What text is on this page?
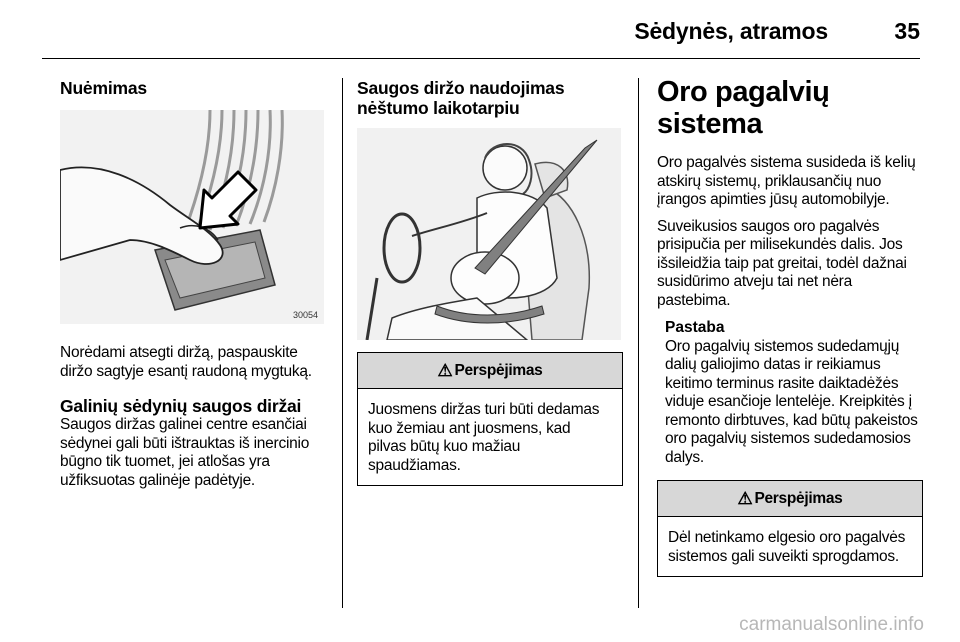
Sėdynės, atramos	35
Nuėmimas
30054

Norėdami atsegti diržą, paspauskite diržo sagtyje esantį raudoną mygtuką.

Galinių sėdynių saugos diržai

Saugos diržas galinei centre esančiai sėdynei gali būti ištrauktas iš inercinio būgno tik tuomet, jei atlošas yra užfiksuotas galinėje padėtyje.

Saugos diržo naudojimas nėštumo laikotarpiu
⚠ Perspėjimas

Juosmens diržas turi būti dedamas kuo žemiau ant juosmens, kad pilvas būtų kuo mažiau spaudžiamas.

Oro pagalvių sistema

Oro pagalvės sistema susideda iš kelių atskirų sistemų, priklausančių nuo įrangos apimties jūsų automobilyje.

Suveikusios saugos oro pagalvės prisipučia per milisekundės dalis. Jos išsileidžia taip pat greitai, todėl dažnai susidūrimo atveju tai net nėra pastebima.

Pastaba

Oro pagalvių sistemos sudedamųjų dalių galiojimo datas ir reikiamus keitimo terminus rasite daiktadėžės viduje esančioje lentelėje. Kreipkitės į remonto dirbtuves, kad būtų pakeistos oro pagalvių sistemos sudedamosios dalys.

⚠ Perspėjimas

Dėl netinkamo elgesio oro pagalvės sistemos gali suveikti sprogdamos.

carmanualsonline.info
